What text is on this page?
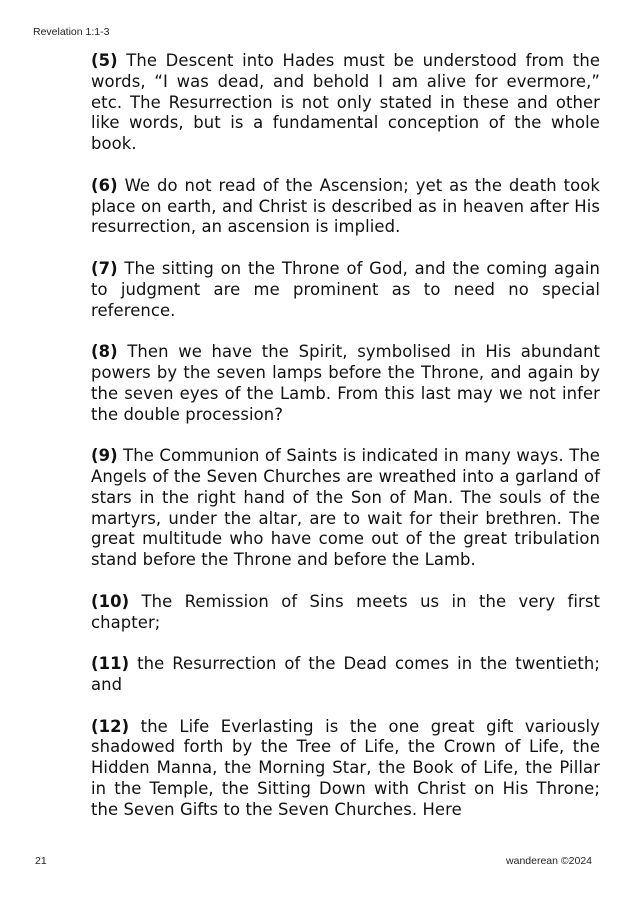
Revelation 1:1-3

(5) The Descent into Hades must be understood from the words, “I was dead, and behold I am alive for evermore,” etc. The Resurrection is not only stated in these and other like words, but is a fundamental conception of the whole book.

(6) We do not read of the Ascension; yet as the death took place on earth, and Christ is described as in heaven after His resurrection, an ascension is implied.

(7) The sitting on the Throne of God, and the coming again to judgment are me prominent as to need no special reference.

(8) Then we have the Spirit, symbolised in His abundant powers by the seven lamps before the Throne, and again by the seven eyes of the Lamb. From this last may we not infer the double procession?

(9) The Communion of Saints is indicated in many ways. The Angels of the Seven Churches are wreathed into a garland of stars in the right hand of the Son of Man. The souls of the martyrs, under the altar, are to wait for their brethren. The great multitude who have come out of the great tribulation stand before the Throne and before the Lamb.

(10) The Remission of Sins meets us in the very first chapter;

(11) the Resurrection of the Dead comes in the twentieth; and

(12) the Life Everlasting is the one great gift variously shadowed forth by the Tree of Life, the Crown of Life, the Hidden Manna, the Morning Star, the Book of Life, the Pillar in the Temple, the Sitting Down with Christ on His Throne; the Seven Gifts to the Seven Churches. Here

21	wanderean ©2024
